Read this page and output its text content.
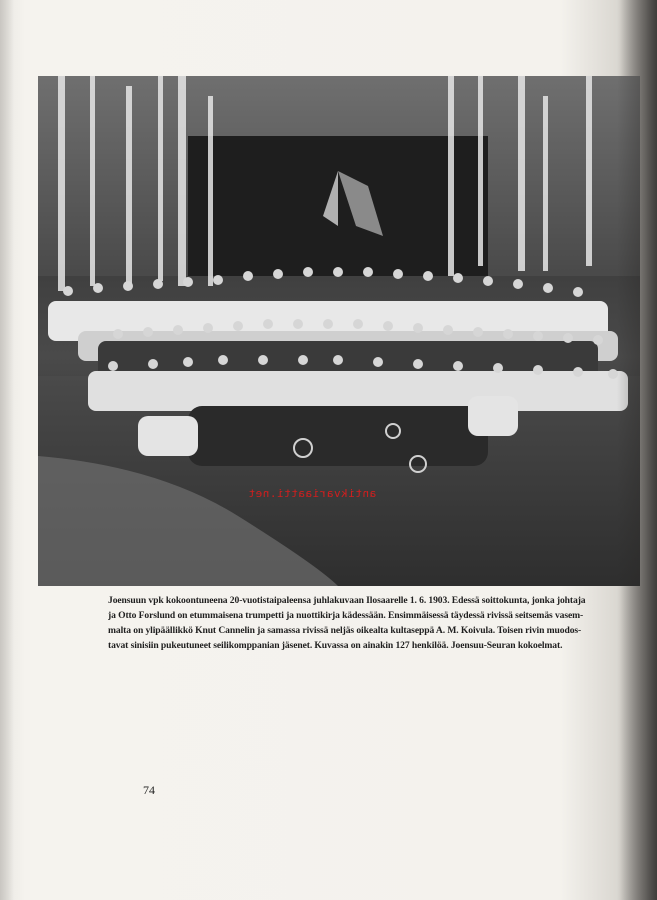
antikvariaatti.net

Joensuun vpk kokoontuneena 20-vuotistaipaleensa juhlakuvaan Ilosaarelle 1. 6. 1903. Edessä soittokunta, jonka johtaja

ja Otto Forslund on etummaisena trumpetti ja nuottikirja kädessään. Ensimmäisessä täydessä rivissä seitsemäs vasem-

malta on ylipäällikkö Knut Cannelin ja samassa rivissä neljäs oikealta kultaseppä A. M. Koivula. Toisen rivin muodos-

tavat sinisiin pukeutuneet seilikomppanian jäsenet. Kuvassa on ainakin 127 henkilöä. Joensuu-Seuran kokoelmat.

74
